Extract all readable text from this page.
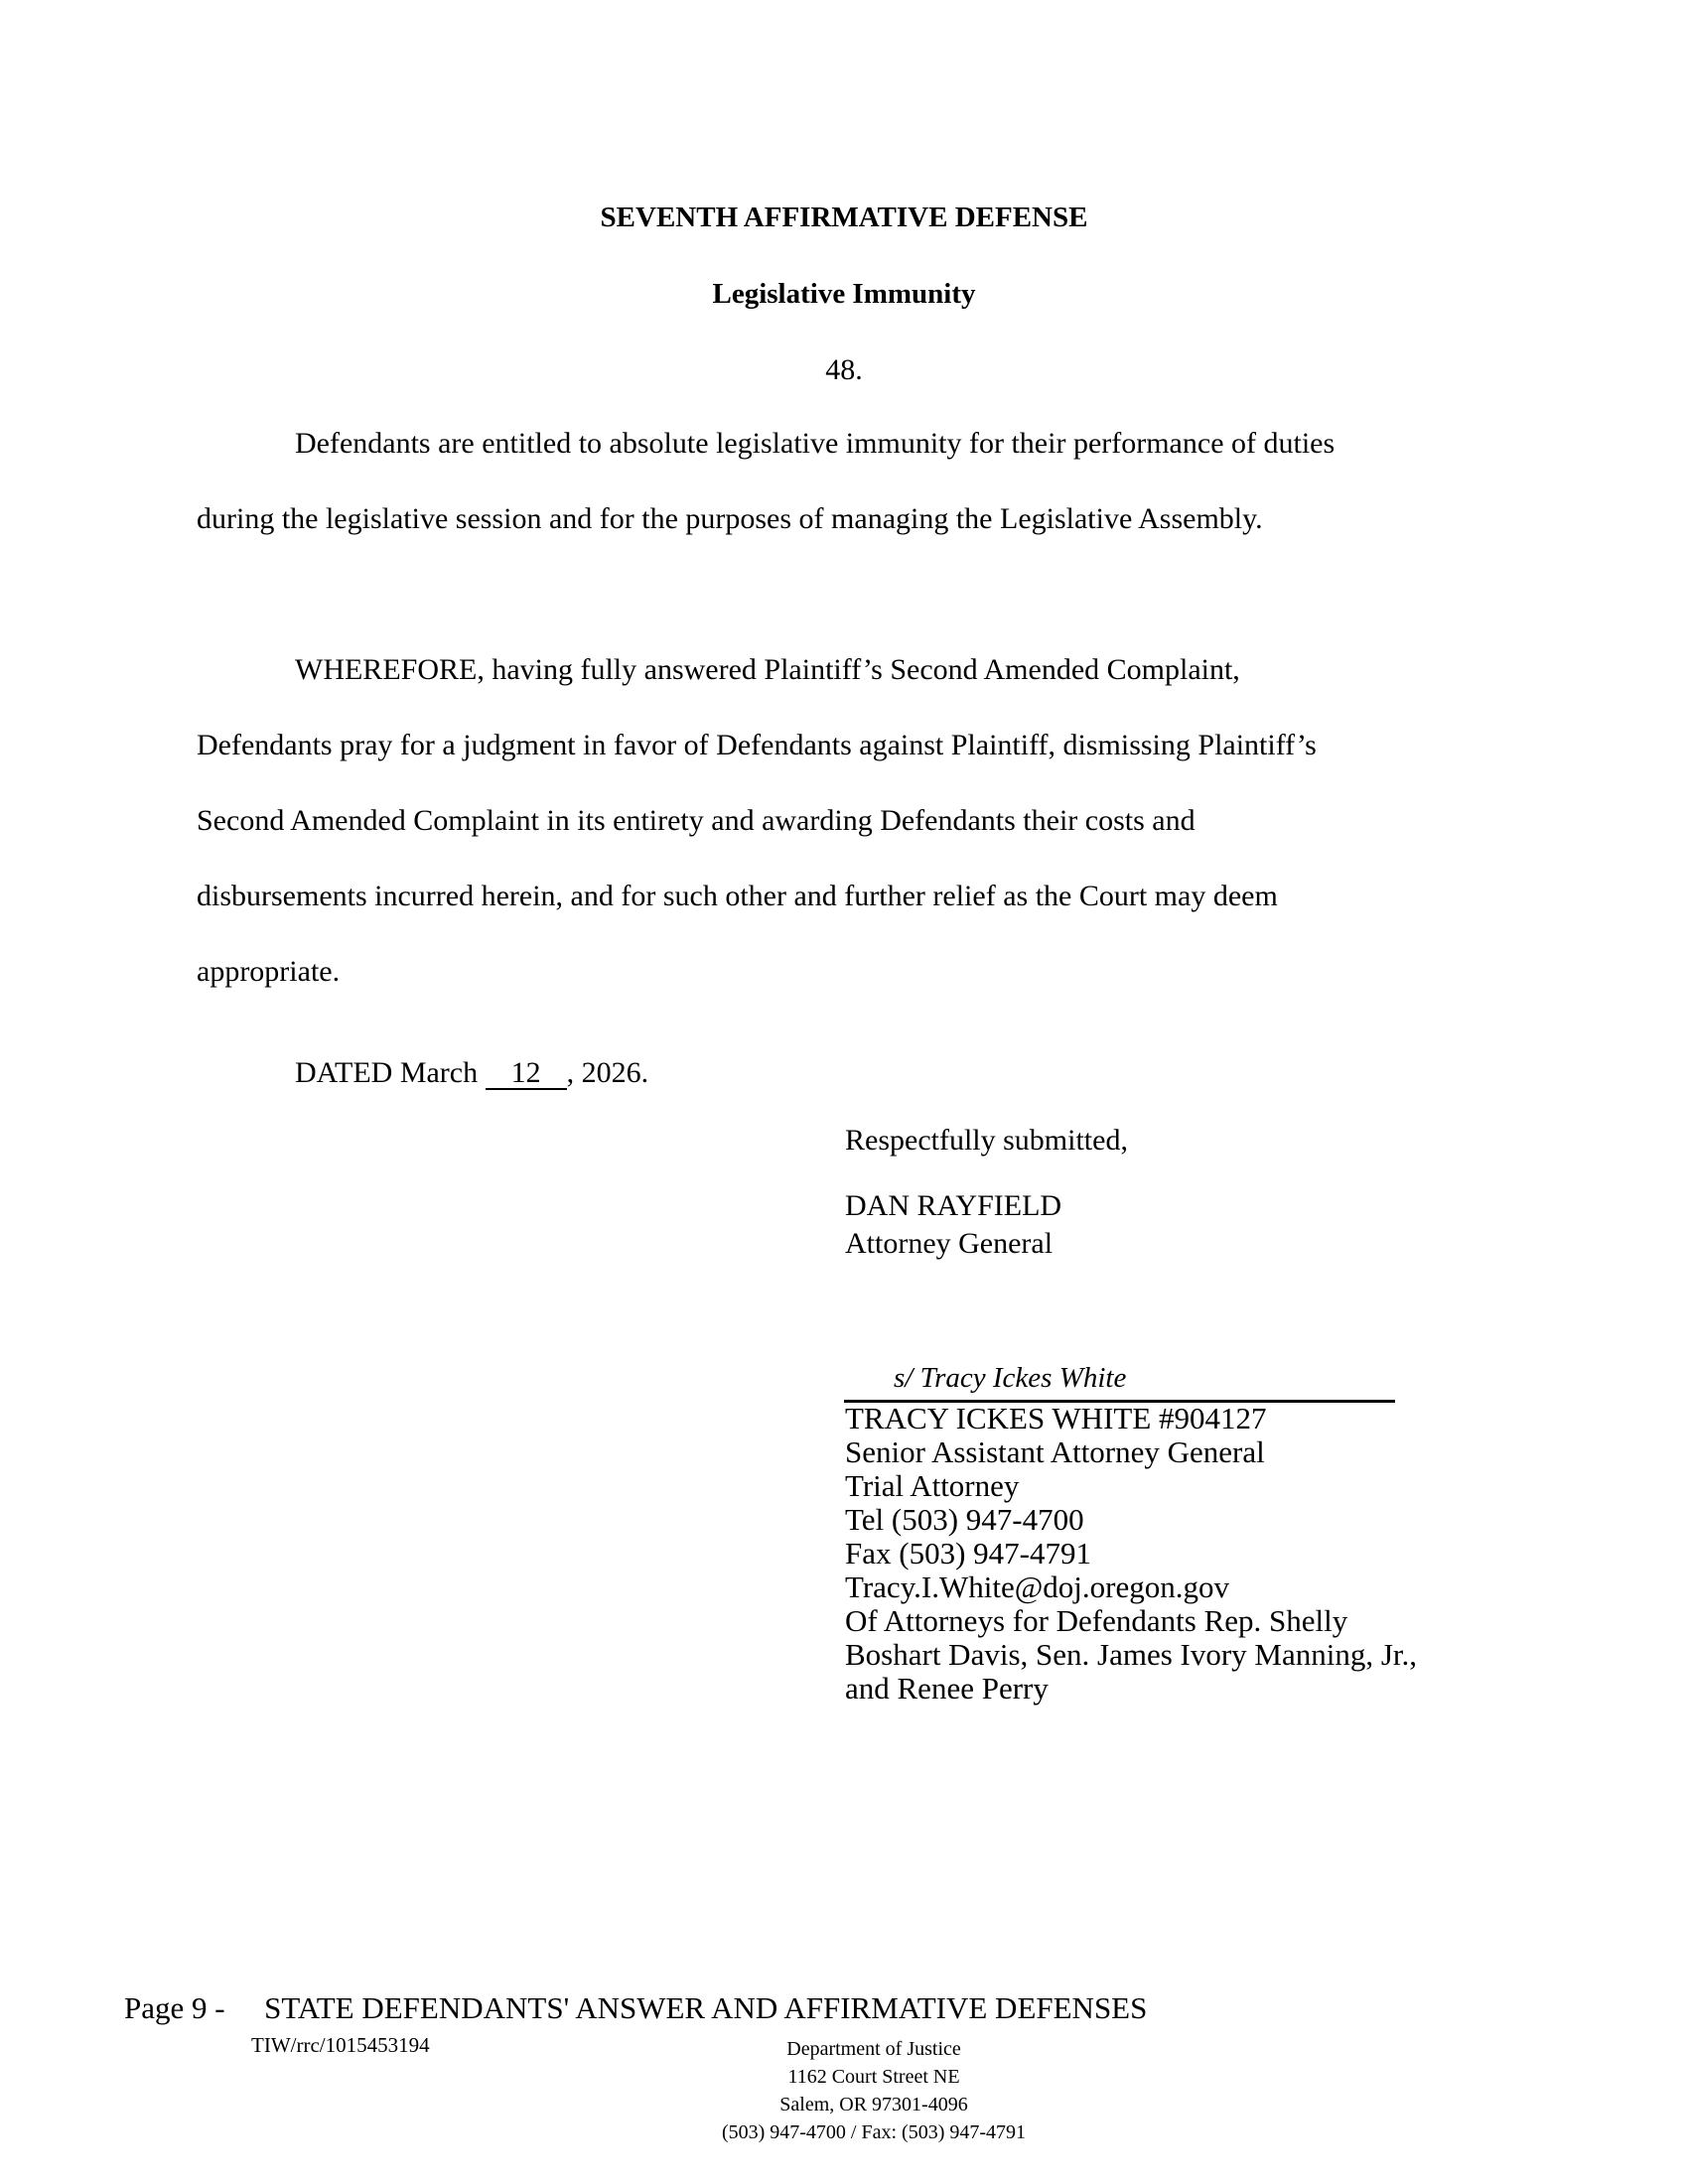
SEVENTH AFFIRMATIVE DEFENSE
Legislative Immunity
48.
Defendants are entitled to absolute legislative immunity for their performance of duties
during the legislative session and for the purposes of managing the Legislative Assembly.
WHEREFORE, having fully answered Plaintiff’s Second Amended Complaint,
Defendants pray for a judgment in favor of Defendants against Plaintiff, dismissing Plaintiff’s
Second Amended Complaint in its entirety and awarding Defendants their costs and
disbursements incurred herein, and for such other and further relief as the Court may deem
appropriate.
DATED March 12 , 2026.
Respectfully submitted,
DAN RAYFIELD
Attorney General
s/ Tracy Ickes White
TRACY ICKES WHITE #904127
Senior Assistant Attorney General
Trial Attorney
Tel (503) 947-4700
Fax (503) 947-4791
Tracy.I.White@doj.oregon.gov
Of Attorneys for Defendants Rep. Shelly
Boshart Davis, Sen. James Ivory Manning, Jr.,
and Renee Perry
Page 9 - STATE DEFENDANTS' ANSWER AND AFFIRMATIVE DEFENSES
TIW/rrc/1015453194	Department of Justice
1162 Court Street NE
Salem, OR 97301-4096
(503) 947-4700 / Fax: (503) 947-4791
